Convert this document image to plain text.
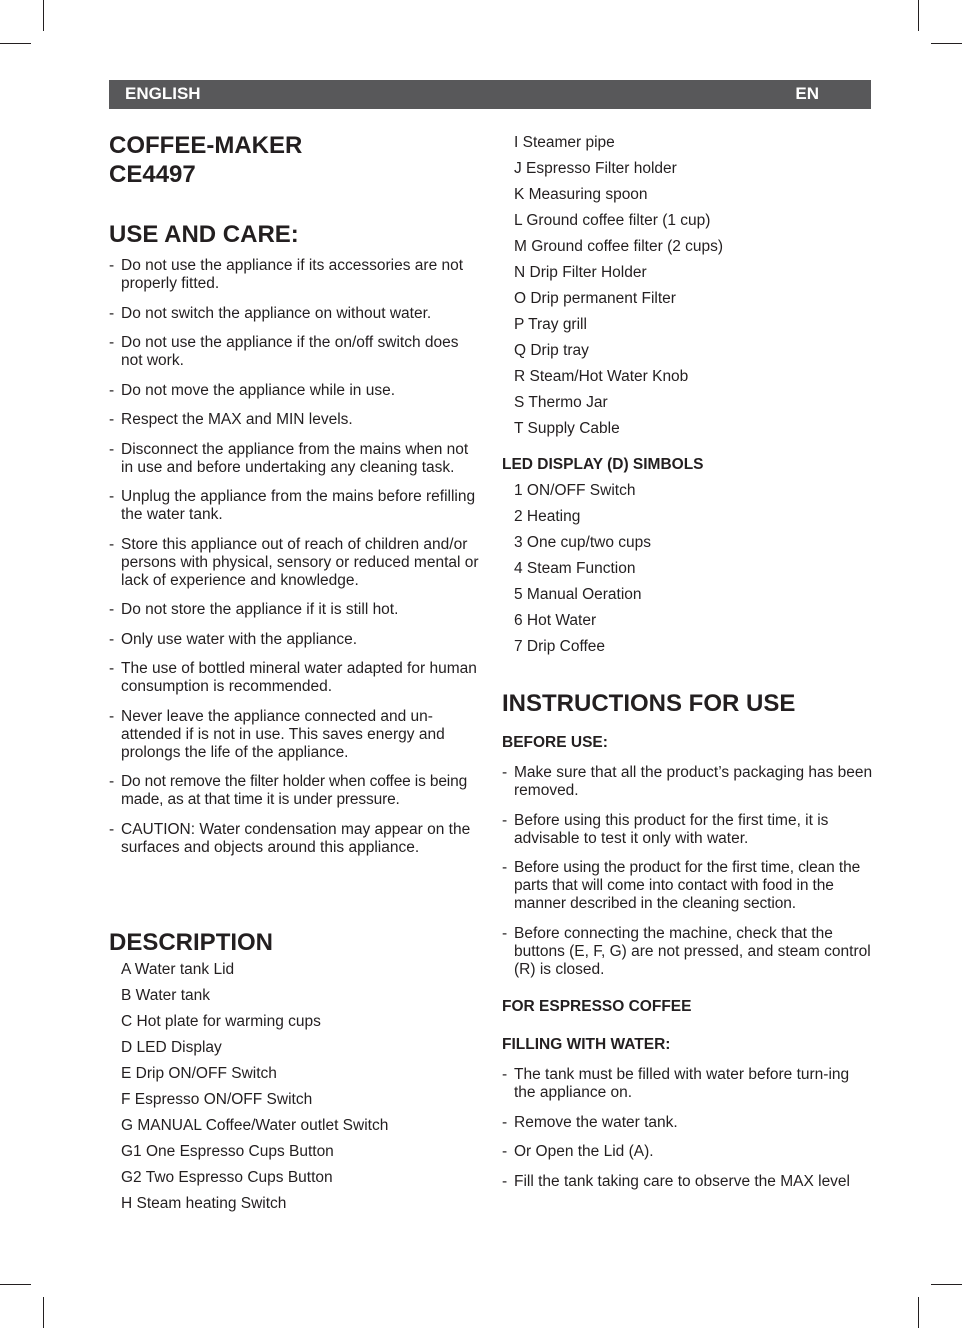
ENGLISH	EN
COFFEE-MAKER
CE4497
USE AND CARE:
- Do not use the appliance if its accessories are not properly fitted.
- Do not switch the appliance on without water.
- Do not use the appliance if the on/off switch does not work.
- Do not move the appliance while in use.
- Respect the MAX and MIN levels.
- Disconnect the appliance from the mains when not in use and before undertaking any cleaning task.
- Unplug the appliance from the mains before refilling the water tank.
- Store this appliance out of reach of children and/or persons with physical, sensory or reduced mental or lack of experience and knowledge.
- Do not store the appliance if it is still hot.
- Only use water with the appliance.
- The use of bottled mineral water adapted for human consumption is recommended.
- Never leave the appliance connected and un-attended if is not in use. This saves energy and prolongs the life of the appliance.
- Do not remove the filter holder when coffee is being made, as at that time it is under pressure.
- CAUTION: Water condensation may appear on the surfaces and objects around this appliance.
DESCRIPTION
A Water tank Lid
B Water tank
C Hot plate for warming cups
D LED Display
E Drip ON/OFF Switch
F Espresso ON/OFF Switch
G MANUAL Coffee/Water outlet Switch
G1 One Espresso Cups Button
G2 Two Espresso Cups Button
H Steam heating Switch
I Steamer pipe
J Espresso Filter holder
K Measuring spoon
L Ground coffee filter (1 cup)
M Ground coffee filter (2 cups)
N Drip Filter Holder
O Drip permanent Filter
P Tray grill
Q Drip tray
R Steam/Hot Water Knob
S Thermo Jar
T Supply Cable
LED DISPLAY (D) SIMBOLS
1 ON/OFF Switch
2 Heating
3 One cup/two cups
4 Steam Function
5 Manual Oeration
6 Hot Water
7 Drip Coffee
INSTRUCTIONS FOR USE
BEFORE USE:
- Make sure that all the product’s packaging has been removed.
- Before using this product for the first time, it is advisable to test it only with water.
- Before using the product for the first time, clean the parts that will come into contact with food in the manner described in the cleaning section.
- Before connecting the machine, check that the buttons (E, F, G) are not pressed, and steam control (R) is closed.
FOR ESPRESSO COFFEE
FILLING WITH WATER:
- The tank must be filled with water before turn-ing the appliance on.
- Remove the water tank.
- Or Open the Lid (A).
- Fill the tank taking care to observe the MAX level
